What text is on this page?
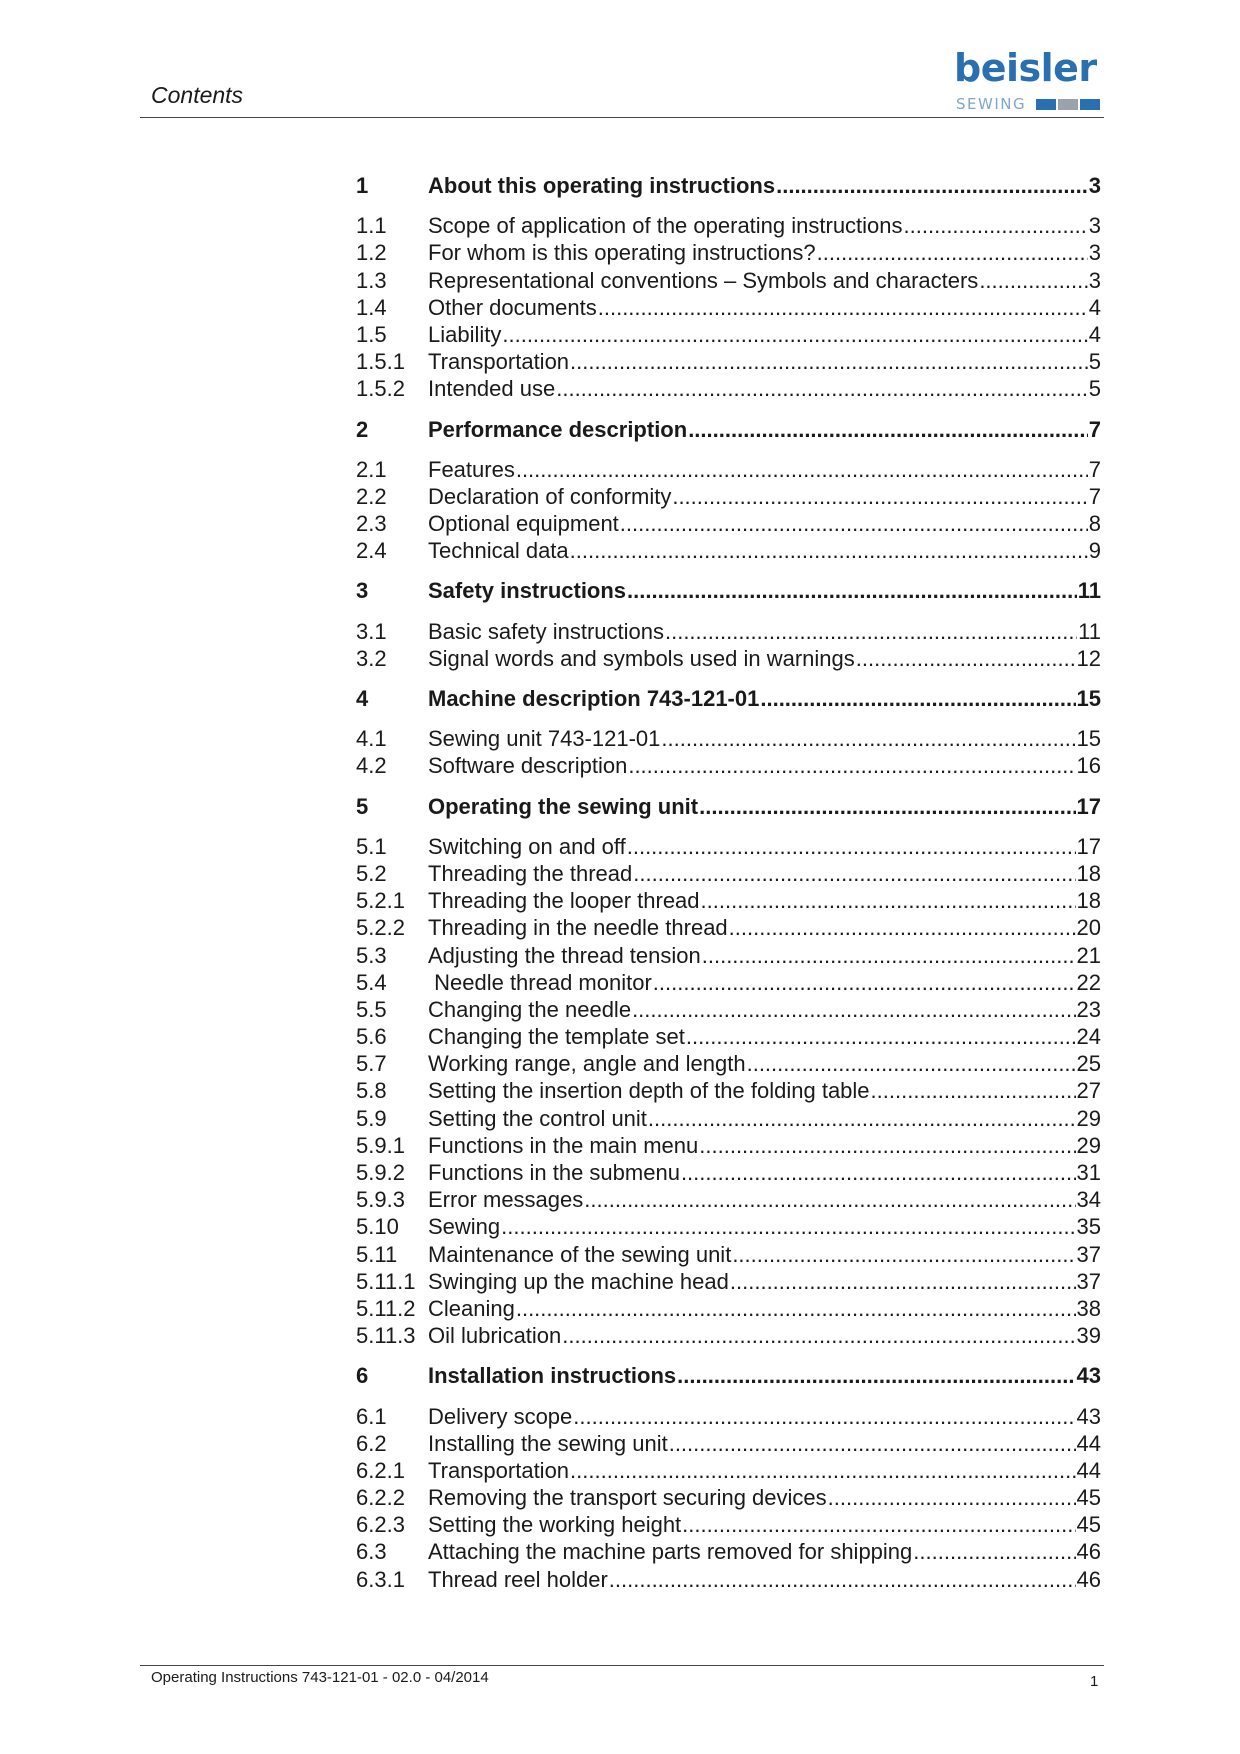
Contents
beisler
SEWING
1	About this operating instructions .....	3
1.1	Scope of application of the operating instructions .....	3
1.2	For whom is this operating instructions? .....	3
1.3	Representational conventions – Symbols and characters .....	3
1.4	Other documents .....	4
1.5	Liability .....	4
1.5.1	Transportation .....	5
1.5.2	Intended use .....	5
2	Performance description .....	7
2.1	Features .....	7
2.2	Declaration of conformity .....	7
2.3	Optional equipment .....	8
2.4	Technical data .....	9
3	Safety instructions .....	11
3.1	Basic safety instructions .....	11
3.2	Signal words and symbols used in warnings .....	12
4	Machine description 743-121-01 .....	15
4.1	Sewing unit 743-121-01 .....	15
4.2	Software description .....	16
5	Operating the sewing unit .....	17
5.1	Switching on and off .....	17
5.2	Threading the thread .....	18
5.2.1	Threading the looper thread .....	18
5.2.2	Threading in the needle thread .....	20
5.3	Adjusting the thread tension .....	21
5.4	Needle thread monitor .....	22
5.5	Changing the needle .....	23
5.6	Changing the template set .....	24
5.7	Working range, angle and length .....	25
5.8	Setting the insertion depth of the folding table .....	27
5.9	Setting the control unit .....	29
5.9.1	Functions in the main menu .....	29
5.9.2	Functions in the submenu .....	31
5.9.3	Error messages .....	34
5.10	Sewing .....	35
5.11	Maintenance of the sewing unit .....	37
5.11.1 Swinging up the machine head .....	37
5.11.2 Cleaning .....	38
5.11.3 Oil lubrication .....	39
6	Installation instructions .....	43
6.1	Delivery scope .....	43
6.2	Installing the sewing unit .....	44
6.2.1	Transportation .....	44
6.2.2	Removing the transport securing devices .....	45
6.2.3	Setting the working height .....	45
6.3	Attaching the machine parts removed for shipping .....	46
6.3.1	Thread reel holder .....	46
Operating Instructions 743-121-01 - 02.0 - 04/2014	1
